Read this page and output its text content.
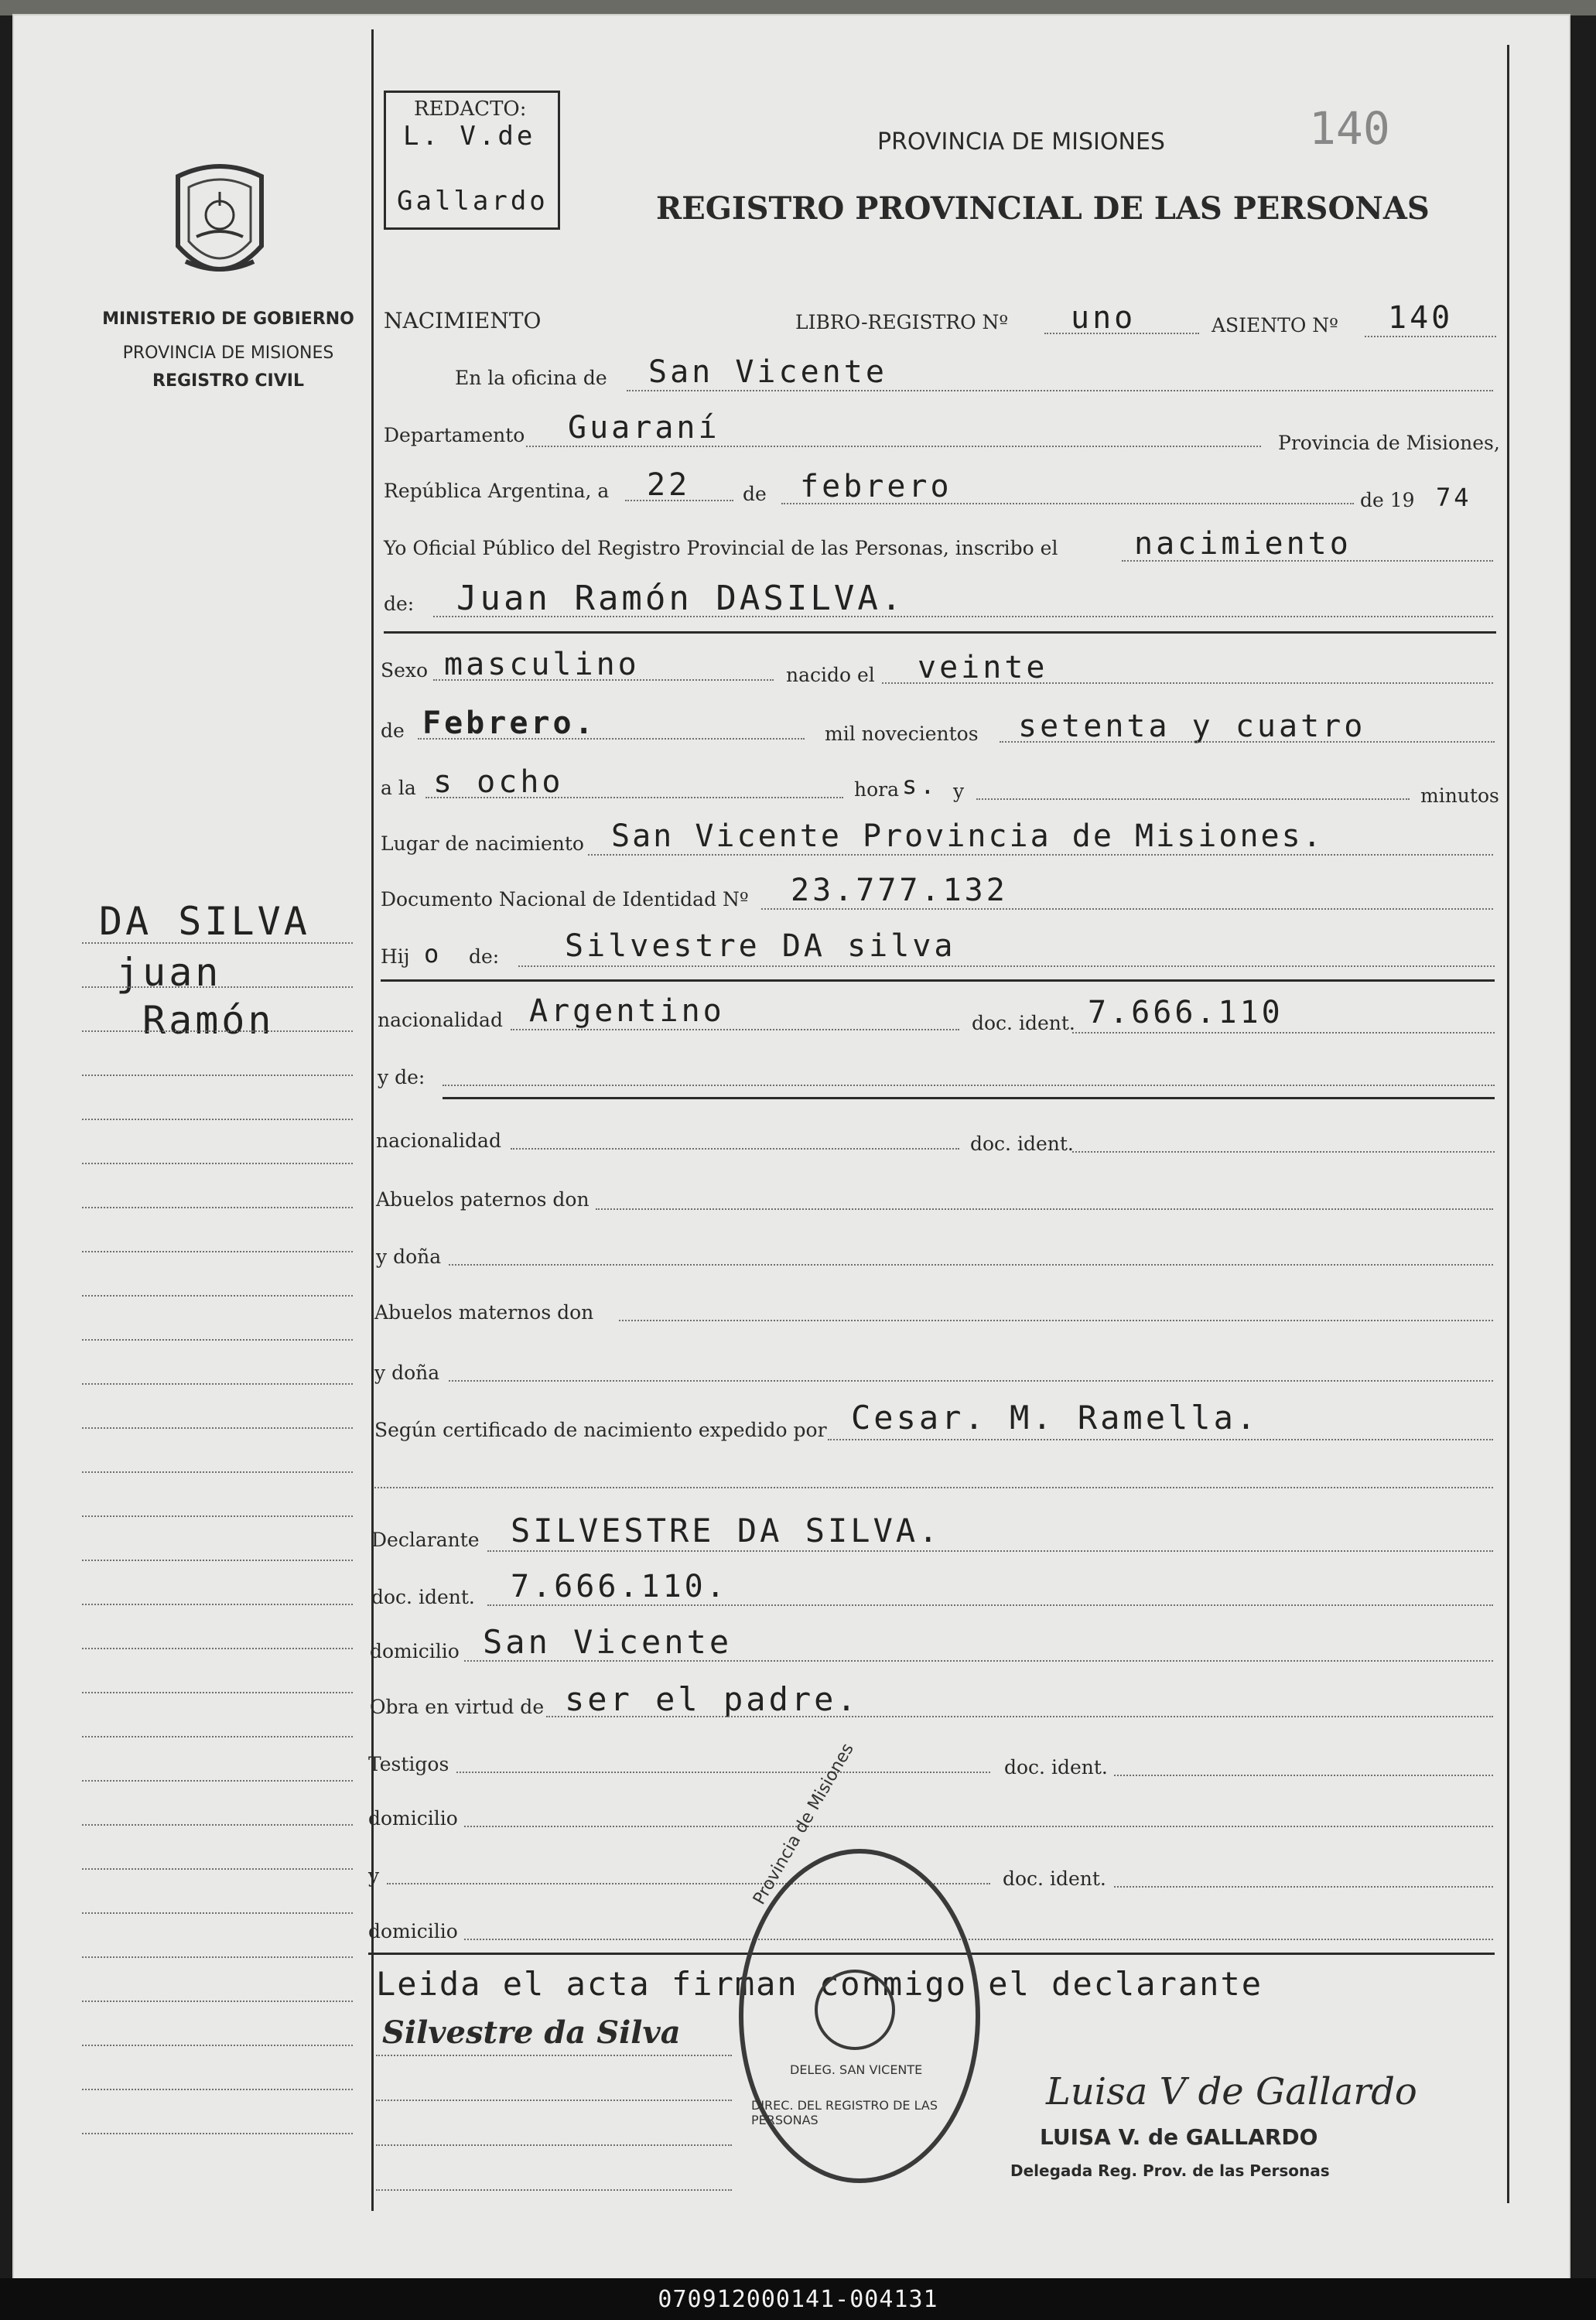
REDACTO:
L. V.de
Gallardo
140
PROVINCIA DE MISIONES
REGISTRO PROVINCIAL DE LAS PERSONAS
MINISTERIO DE GOBIERNO
PROVINCIA DE MISIONES
REGISTRO CIVIL
DA SILVA
juan
Ramón
NACIMIENTO	LIBRO-REGISTRO Nº uno	ASIENTO Nº 140
En la oficina de San Vicente
Departamento Guaraní	Provincia de Misiones,
República Argentina, a 22	de febrero	de 19 74
Yo Oficial Público del Registro Provincial de las Personas, inscribo el nacimiento
de: Juan Ramón DASILVA.
Sexo masculino	nacido el veinte
de Febrero.	mil novecientos setenta y cuatro
a la s ocho	hora s. y	minutos
Lugar de nacimiento San Vicente Provincia de Misiones.
Documento Nacional de Identidad Nº 23.777.132
Hij o de: Silvestre DA silva
nacionalidad Argentino	doc. ident. 7.666.110
y de:
nacionalidad	doc. ident.
Abuelos paternos don
y doña
Abuelos maternos don
y doña
Según certificado de nacimiento expedido por Cesar. M. Ramella.
Declarante SILVESTRE DA SILVA.
doc. ident. 7.666.110.
domicilio San Vicente
Obra en virtud de ser el padre.
Testigos	doc. ident.
domicilio
y	doc. ident.
domicilio
Leida el acta firman conmigo el declarante
Silvestre da Silva
Provincia de Misiones
DELEG. SAN VICENTE
DIREC. DEL REGISTRO DE LAS PERSONAS
Luisa V de Gallardo
LUISA V. de GALLARDO
Delegada Reg. Prov. de las Personas
070912000141-004131
